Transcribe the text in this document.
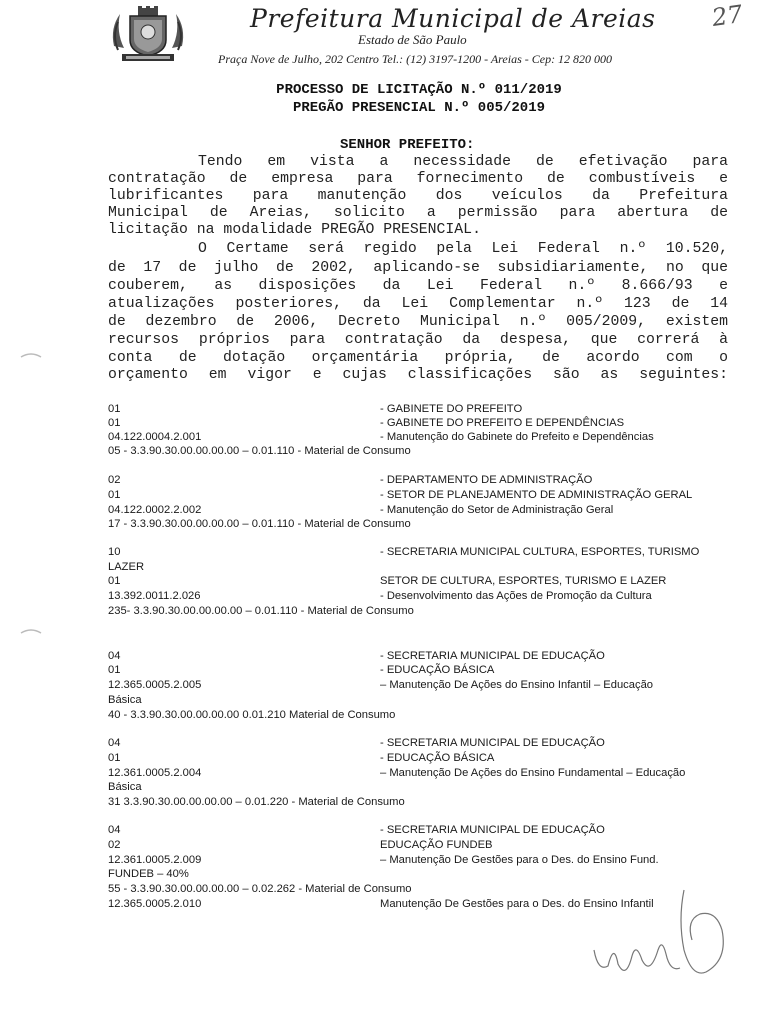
Prefeitura Municipal de Areias
Estado de São Paulo
Praça Nove de Julho, 202 Centro Tel.: (12) 3197-1200 - Areias - Cep: 12 820 000
27
PROCESSO DE LICITAÇÃO N.º 011/2019
PREGÃO PRESENCIAL N.º 005/2019
SENHOR PREFEITO:
Tendo em vista a necessidade de efetivação para
contratação de empresa para fornecimento de combustíveis e
lubrificantes para manutenção dos veículos da Prefeitura
Municipal de Areias, solicito a permissão para abertura de
licitação na modalidade PREGÃO PRESENCIAL.
O Certame será regido pela Lei Federal n.º 10.520,
de 17 de julho de 2002, aplicando-se subsidiariamente, no que
couberem, as disposições da Lei Federal n.º 8.666/93 e
atualizações posteriores, da Lei Complementar n.º 123 de 14
de dezembro de 2006, Decreto Municipal n.º 005/2009, existem
recursos próprios para contratação da despesa, que correrá à
conta de dotação orçamentária própria, de acordo com o
orçamento em vigor e cujas classificações são as seguintes:
01	- GABINETE DO PREFEITO
01	- GABINETE DO PREFEITO E DEPENDÊNCIAS
04.122.0004.2.001	- Manutenção do Gabinete do Prefeito e Dependências
05 - 3.3.90.30.00.00.00.00 – 0.01.110 - Material de Consumo
02	- DEPARTAMENTO DE ADMINISTRAÇÃO
01	- SETOR DE PLANEJAMENTO DE ADMINISTRAÇÃO GERAL
04.122.0002.2.002	- Manutenção do Setor de Administração Geral
17 - 3.3.90.30.00.00.00.00 – 0.01.110 - Material de Consumo
10	- SECRETARIA MUNICIPAL CULTURA, ESPORTES, TURISMO
LAZER
01	SETOR DE CULTURA, ESPORTES, TURISMO E LAZER
13.392.0011.2.026	- Desenvolvimento das Ações de Promoção da Cultura
235- 3.3.90.30.00.00.00.00 – 0.01.110 - Material de Consumo
04	- SECRETARIA MUNICIPAL DE EDUCAÇÃO
01	- EDUCAÇÃO BÁSICA
12.365.0005.2.005	– Manutenção De Ações do Ensino Infantil – Educação
Básica
40 - 3.3.90.30.00.00.00.00 0.01.210 Material de Consumo
04	- SECRETARIA MUNICIPAL DE EDUCAÇÃO
01	- EDUCAÇÃO BÁSICA
12.361.0005.2.004	– Manutenção De Ações do Ensino Fundamental – Educação
Básica
31 3.3.90.30.00.00.00.00 – 0.01.220 - Material de Consumo
04	- SECRETARIA MUNICIPAL DE EDUCAÇÃO
02	EDUCAÇÃO FUNDEB
12.361.0005.2.009	– Manutenção De Gestões para o Des. do Ensino Fund.
FUNDEB – 40%
55 - 3.3.90.30.00.00.00.00 – 0.02.262 - Material de Consumo
12.365.0005.2.010	Manutenção De Gestões para o Des. do Ensino Infantil
